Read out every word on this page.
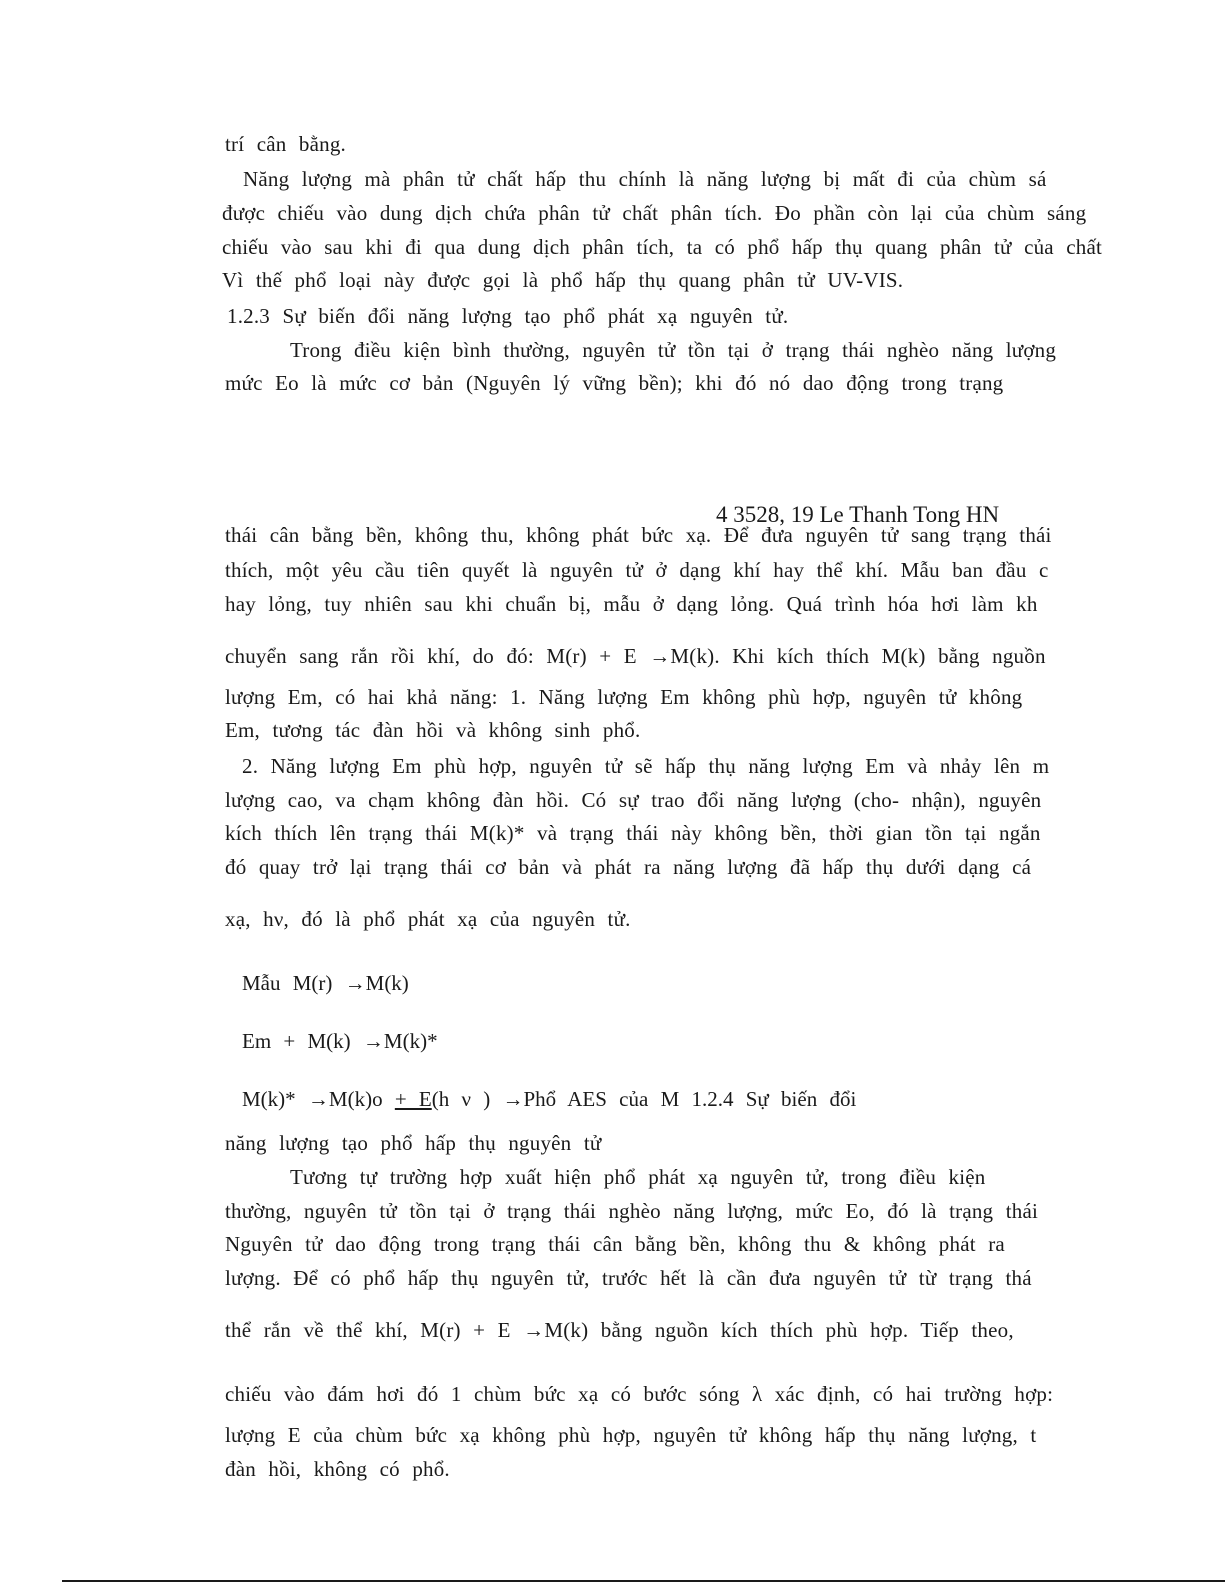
trí cân bằng.
Năng lượng mà phân tử chất hấp thu chính là năng lượng bị mất đi của chùm sá
được chiếu vào dung dịch chứa phân tử chất phân tích. Đo phần còn lại của chùm sáng
chiếu vào sau khi đi qua dung dịch phân tích, ta có phổ hấp thụ quang phân tử của chất
Vì thế phổ loại này được gọi là phổ hấp thụ quang phân tử UV-VIS.
1.2.3 Sự biến đổi năng lượng tạo phổ phát xạ nguyên tử.
Trong điều kiện bình thường, nguyên tử tồn tại ở trạng thái nghèo năng lượng
mức Eo là mức cơ bản (Nguyên lý vững bền); khi đó nó dao động trong trạng
4 3528, 19 Le Thanh Tong HN
thái cân bằng bền, không thu, không phát bức xạ. Để đưa nguyên tử sang trạng thái
thích, một yêu cầu tiên quyết là nguyên tử ở dạng khí hay thể khí. Mẫu ban đầu c
hay lỏng, tuy nhiên sau khi chuẩn bị, mẫu ở dạng lỏng. Quá trình hóa hơi làm kh
chuyển sang rắn rồi khí, do đó: M(r) + E →M(k). Khi kích thích M(k) bằng nguồn
lượng Em, có hai khả năng: 1. Năng lượng Em không phù hợp, nguyên tử không
Em, tương tác đàn hồi và không sinh phổ.
2. Năng lượng Em phù hợp, nguyên tử sẽ hấp thụ năng lượng Em và nhảy lên m
lượng cao, va chạm không đàn hồi. Có sự trao đổi năng lượng (cho- nhận), nguyên
kích thích lên trạng thái M(k)* và trạng thái này không bền, thời gian tồn tại ngắn
đó quay trở lại trạng thái cơ bản và phát ra năng lượng đã hấp thụ dưới dạng cá
xạ, hν, đó là phổ phát xạ của nguyên tử.
Mẫu M(r) →M(k)
Em + M(k) →M(k)*
M(k)* →M(k)o + E(h ν ) →Phổ AES của M 1.2.4 Sự biến đổi
năng lượng tạo phổ hấp thụ nguyên tử
Tương tự trường hợp xuất hiện phổ phát xạ nguyên tử, trong điều kiện
thường, nguyên tử tồn tại ở trạng thái nghèo năng lượng, mức Eo, đó là trạng thái
Nguyên tử dao động trong trạng thái cân bằng bền, không thu & không phát ra
lượng. Để có phổ hấp thụ nguyên tử, trước hết là cần đưa nguyên tử từ trạng thá
thể rắn về thể khí, M(r) + E →M(k) bằng nguồn kích thích phù hợp. Tiếp theo,
chiếu vào đám hơi đó 1 chùm bức xạ có bước sóng λ xác định, có hai trường hợp:
lượng E của chùm bức xạ không phù hợp, nguyên tử không hấp thụ năng lượng, t
đàn hồi, không có phổ.
